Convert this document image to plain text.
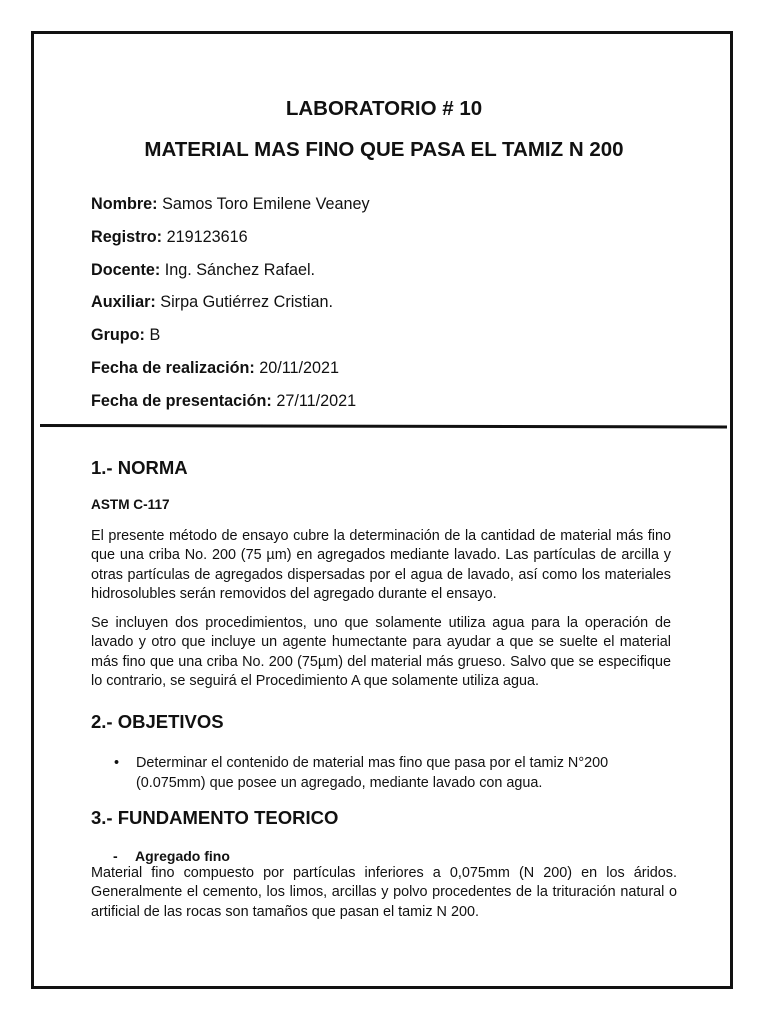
LABORATORIO # 10
MATERIAL MAS FINO QUE PASA EL TAMIZ N 200

Nombre: Samos Toro Emilene Veaney

Registro: 219123616

Docente: Ing. Sánchez Rafael.

Auxiliar: Sirpa Gutiérrez Cristian.

Grupo: B

Fecha de realización: 20/11/2021

Fecha de presentación: 27/11/2021

1.- NORMA

ASTM C-117

El presente método de ensayo cubre la determinación de la cantidad de material más fino que una criba No. 200 (75 µm) en agregados mediante lavado. Las partículas de arcilla y otras partículas de agregados dispersadas por el agua de lavado, así como los materiales hidrosolubles serán removidos del agregado durante el ensayo.

Se incluyen dos procedimientos, uno que solamente utiliza agua para la operación de lavado y otro que incluye un agente humectante para ayudar a que se suelte el material más fino que una criba No. 200 (75µm) del material más grueso. Salvo que se especifique lo contrario, se seguirá el Procedimiento A que solamente utiliza agua.

2.- OBJETIVOS
• Determinar el contenido de material mas fino que pasa por el tamiz N°200 (0.075mm) que posee un agregado, mediante lavado con agua.
3.- FUNDAMENTO TEORICO
- Agregado fino

Material fino compuesto por partículas inferiores a 0,075mm (N 200) en los áridos. Generalmente el cemento, los limos, arcillas y polvo procedentes de la trituración natural o artificial de las rocas son tamaños que pasan el tamiz N 200.
